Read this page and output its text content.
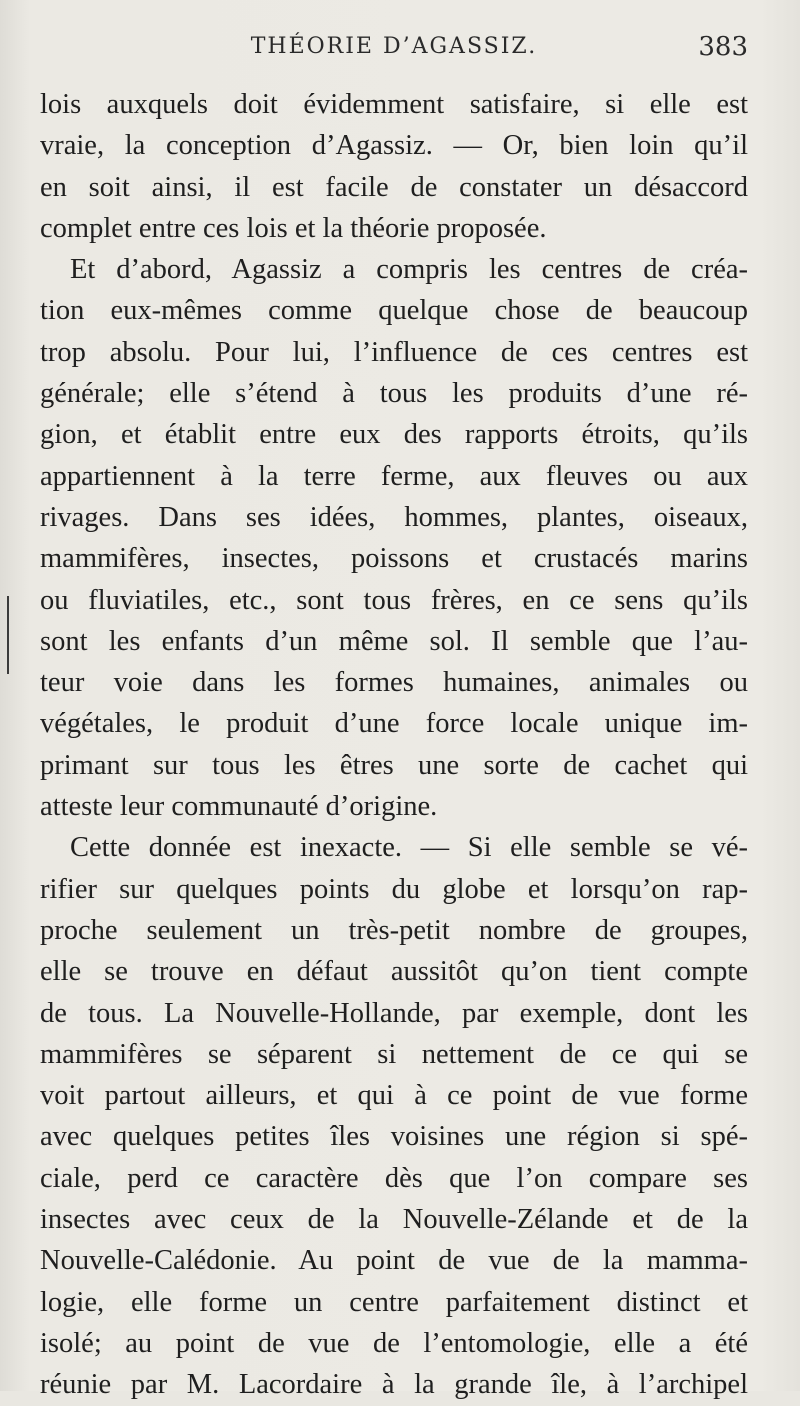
THÉORIE D’AGASSIZ.	383
lois auxquels doit évidemment satisfaire, si elle est
vraie, la conception d’Agassiz. — Or, bien loin qu’il
en soit ainsi, il est facile de constater un désaccord
complet entre ces lois et la théorie proposée.
Et d’abord, Agassiz a compris les centres de créa-
tion eux-mêmes comme quelque chose de beaucoup
trop absolu. Pour lui, l’influence de ces centres est
générale; elle s’étend à tous les produits d’une ré-
gion, et établit entre eux des rapports étroits, qu’ils
appartiennent à la terre ferme, aux fleuves ou aux
rivages. Dans ses idées, hommes, plantes, oiseaux,
mammifères, insectes, poissons et crustacés marins
ou fluviatiles, etc., sont tous frères, en ce sens qu’ils
sont les enfants d’un même sol. Il semble que l’au-
teur voie dans les formes humaines, animales ou
végétales, le produit d’une force locale unique im-
primant sur tous les êtres une sorte de cachet qui
atteste leur communauté d’origine.
Cette donnée est inexacte. — Si elle semble se vé-
rifier sur quelques points du globe et lorsqu’on rap-
proche seulement un très-petit nombre de groupes,
elle se trouve en défaut aussitôt qu’on tient compte
de tous. La Nouvelle-Hollande, par exemple, dont les
mammifères se séparent si nettement de ce qui se
voit partout ailleurs, et qui à ce point de vue forme
avec quelques petites îles voisines une région si spé-
ciale, perd ce caractère dès que l’on compare ses
insectes avec ceux de la Nouvelle-Zélande et de la
Nouvelle-Calédonie. Au point de vue de la mamma-
logie, elle forme un centre parfaitement distinct et
isolé; au point de vue de l’entomologie, elle a été
réunie par M. Lacordaire à la grande île, à l’archipel
